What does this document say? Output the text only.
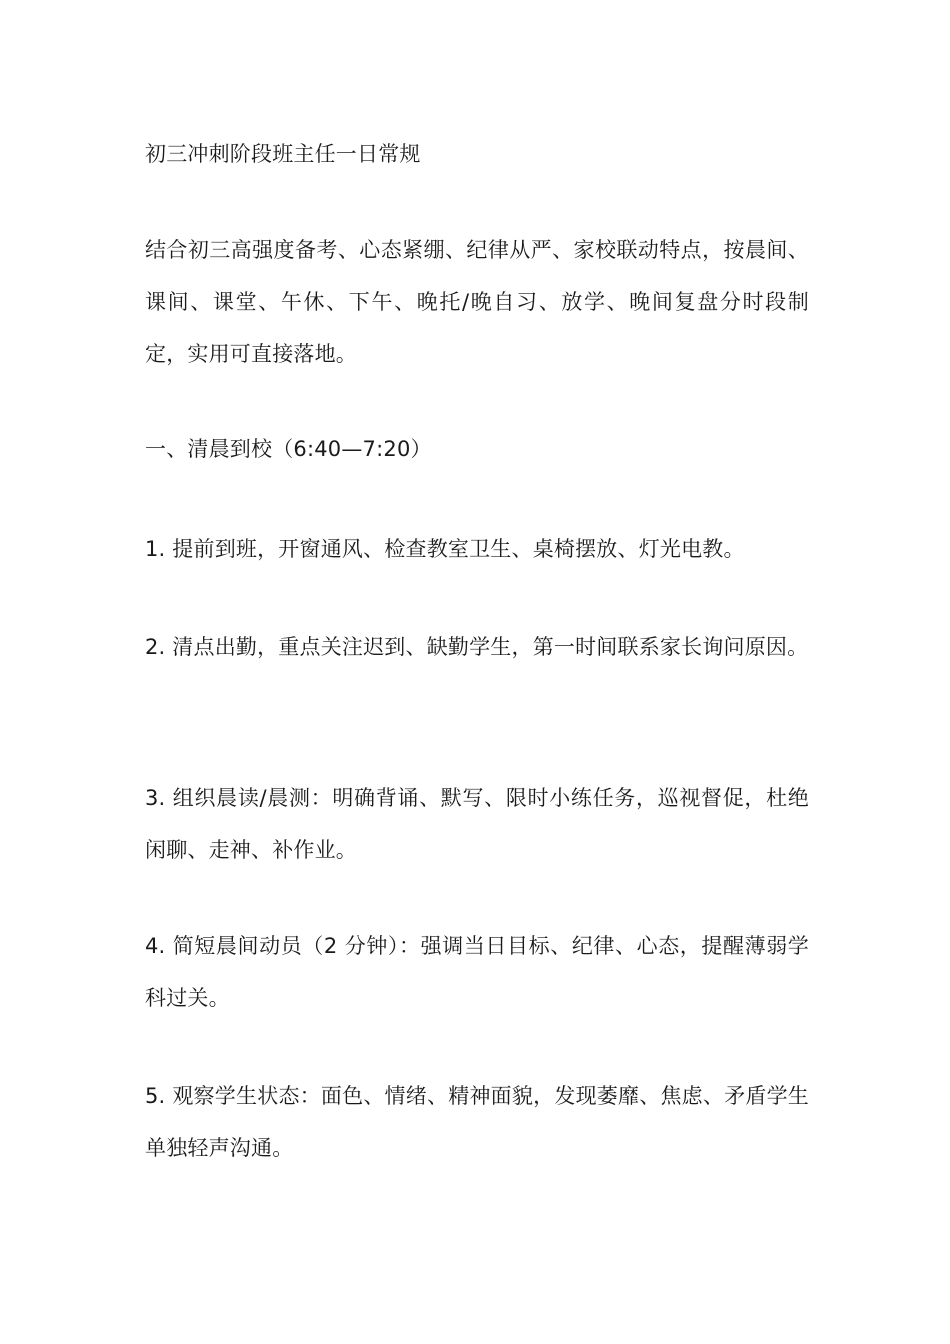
初三冲刺阶段班主任一日常规
结合初三高强度备考、心态紧绷、纪律从严、家校联动特点，按晨间、课间、课堂、午休、下午、晚托/晚自习、放学、晚间复盘分时段制定，实用可直接落地。
一、清晨到校（6:40—7:20）
1. 提前到班，开窗通风、检查教室卫生、桌椅摆放、灯光电教。
2. 清点出勤，重点关注迟到、缺勤学生，第一时间联系家长询问原因。
3. 组织晨读/晨测：明确背诵、默写、限时小练任务，巡视督促，杜绝闲聊、走神、补作业。
4. 简短晨间动员（2 分钟）：强调当日目标、纪律、心态，提醒薄弱学科过关。
5. 观察学生状态：面色、情绪、精神面貌，发现萎靡、焦虑、矛盾学生单独轻声沟通。
